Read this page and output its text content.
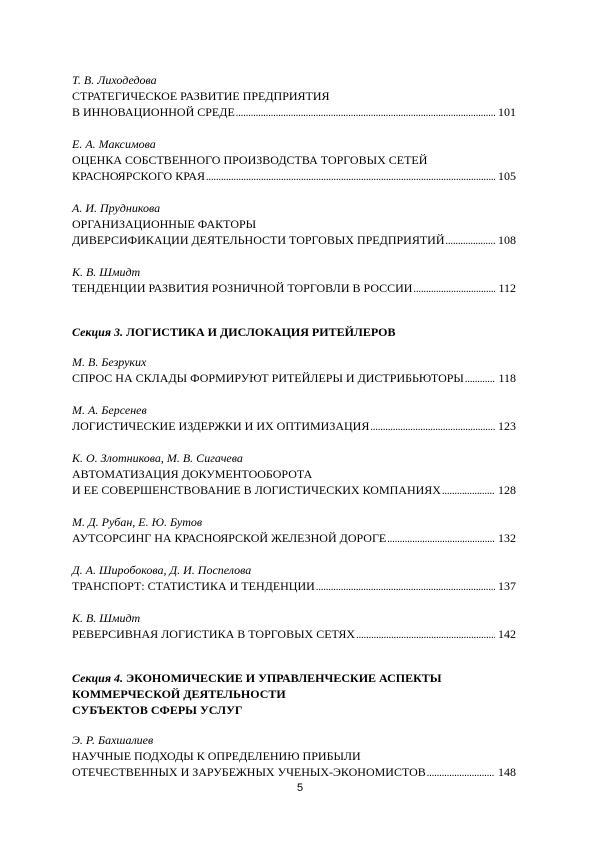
Т. В. Лиходедова
СТРАТЕГИЧЕСКОЕ РАЗВИТИЕ ПРЕДПРИЯТИЯ
В ИННОВАЦИОННОЙ СРЕДЕ .....	101
Е. А. Максимова
ОЦЕНКА СОБСТВЕННОГО ПРОИЗВОДСТВА ТОРГОВЫХ СЕТЕЙ
КРАСНОЯРСКОГО КРАЯ .....	105
А. И. Прудникова
ОРГАНИЗАЦИОННЫЕ ФАКТОРЫ
ДИВЕРСИФИКАЦИИ ДЕЯТЕЛЬНОСТИ ТОРГОВЫХ ПРЕДПРИЯТИЙ .....	108
К. В. Шмидт
ТЕНДЕНЦИИ РАЗВИТИЯ РОЗНИЧНОЙ ТОРГОВЛИ В РОССИИ .....	112
Секция 3. ЛОГИСТИКА И ДИСЛОКАЦИЯ РИТЕЙЛЕРОВ
М. В. Безруких
СПРОС НА СКЛАДЫ ФОРМИРУЮТ РИТЕЙЛЕРЫ И ДИСТРИБЬЮТОРЫ .....	118
М. А. Берсенев
ЛОГИСТИЧЕСКИЕ ИЗДЕРЖКИ И ИХ ОПТИМИЗАЦИЯ .....	123
К. О. Злотникова, М. В. Сигачева
АВТОМАТИЗАЦИЯ ДОКУМЕНТООБОРОТА
И ЕЕ СОВЕРШЕНСТВОВАНИЕ В ЛОГИСТИЧЕСКИХ КОМПАНИЯХ .....	128
М. Д. Рубан, Е. Ю. Бутов
АУТСОРСИНГ НА КРАСНОЯРСКОЙ ЖЕЛЕЗНОЙ ДОРОГЕ .....	132
Д. А. Широбокова, Д. И. Поспелова
ТРАНСПОРТ: СТАТИСТИКА И ТЕНДЕНЦИИ .....	137
К. В. Шмидт
РЕВЕРСИВНАЯ ЛОГИСТИКА В ТОРГОВЫХ СЕТЯХ .....	142
Секция 4. ЭКОНОМИЧЕСКИЕ И УПРАВЛЕНЧЕСКИЕ АСПЕКТЫ
КОММЕРЧЕСКОЙ ДЕЯТЕЛЬНОСТИ
СУБЪЕКТОВ СФЕРЫ УСЛУГ
Э. Р. Бахшалиев
НАУЧНЫЕ ПОДХОДЫ К ОПРЕДЕЛЕНИЮ ПРИБЫЛИ
ОТЕЧЕСТВЕННЫХ И ЗАРУБЕЖНЫХ УЧЕНЫХ-ЭКОНОМИСТОВ .....	148
5
